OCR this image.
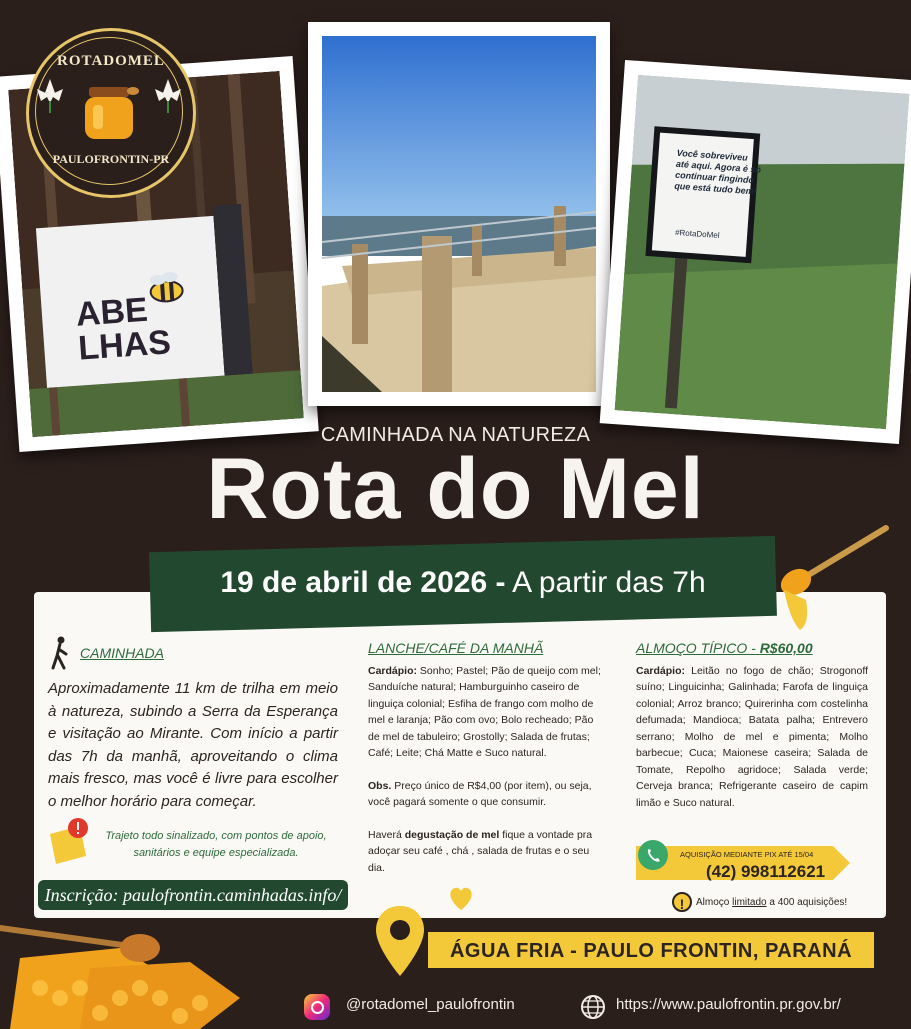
ABE
LHAS
Você sobreviveu até aqui. Agora é só continuar fingindo que está tudo bem!
#RotaDoMel
ROTADOMEL
PAULOFRONTIN-PR
CAMINHADA NA NATUREZA
Rota do Mel
19 de abril de 2026 - A partir das 7h
CAMINHADA
Aproximadamente 11 km de trilha em meio à natureza, subindo a Serra da Esperança e visitação ao Mirante. Com início a partir das 7h da manhã, aproveitando o clima mais fresco, mas você é livre para escolher o melhor horário para começar.
Trajeto todo sinalizado, com pontos de apoio, sanitários e equipe especializada.
Inscrição: paulofrontin.caminhadas.info/
LANCHE/CAFÉ DA MANHÃ

Cardápio: Sonho; Pastel; Pão de queijo com mel; Sanduíche natural; Hamburguinho caseiro de linguiça colonial; Esfiha de frango com molho de mel e laranja; Pão com ovo; Bolo recheado; Pão de mel de tabuleiro; Grostolly; Salada de frutas; Café; Leite; Chá Matte e Suco natural.

Obs. Preço único de R$4,00 (por item), ou seja, você pagará somente o que consumir.

Haverá degustação de mel fique a vontade pra adoçar seu café , chá , salada de frutas e o seu dia.

ALMOÇO TÍPICO - R$60,00

Cardápio: Leitão no fogo de chão; Strogonoff suíno; Linguicinha; Galinhada; Farofa de linguiça colonial; Arroz branco; Quirerinha com costelinha defumada; Mandioca; Batata palha; Entrevero serrano; Molho de mel e pimenta; Molho barbecue; Cuca; Maionese caseira; Salada de Tomate, Repolho agridoce; Salada verde; Cerveja branca; Refrigerante caseiro de capim limão e Suco natural.

AQUISIÇÃO MEDIANTE PIX ATÉ 15/04
(42) 998112621
!	Almoço limitado a 400 aquisições!
ÁGUA FRIA - PAULO FRONTIN, PARANÁ
@rotadomel_paulofrontin	https://www.paulofrontin.pr.gov.br/
